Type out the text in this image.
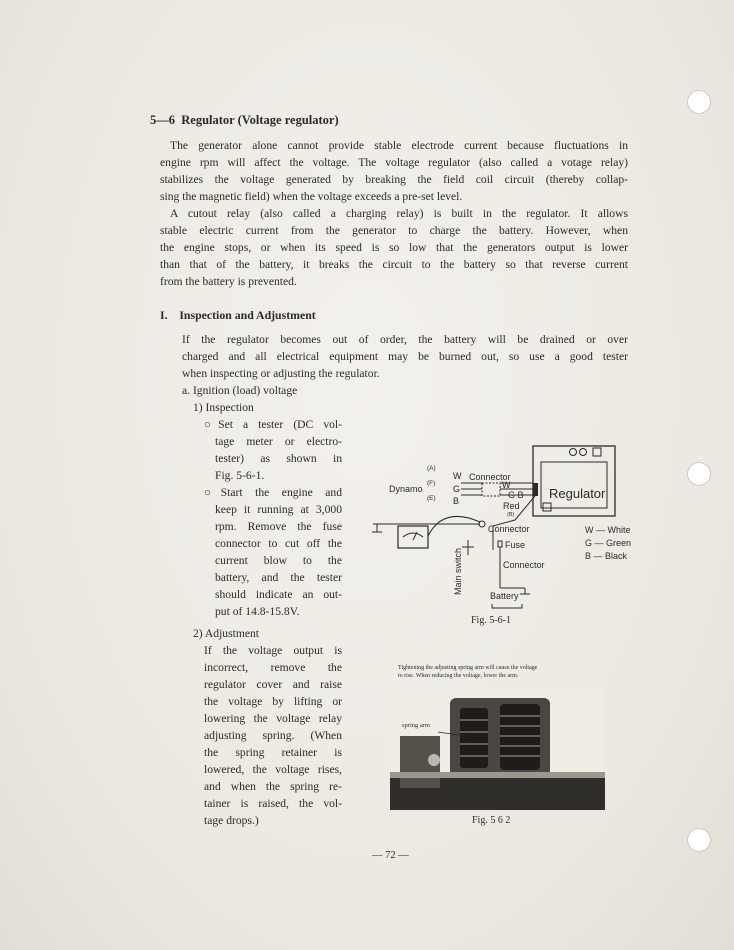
5—6 Regulator (Voltage regulator)
The generator alone cannot provide stable electrode current because fluctuations in
engine rpm will affect the voltage. The voltage regulator (also called a votage relay)
stabilizes the voltage generated by breaking the field coil circuit (thereby collap-
sing the magnetic field) when the voltage exceeds a pre-set level.
A cutout relay (also called a charging relay) is built in the regulator. It allows
stable electric current from the generator to charge the battery. However, when
the engine stops, or when its speed is so low that the generators output is lower
than that of the battery, it breaks the circuit to the battery so that reverse current
from the battery is prevented.
I. Inspection and Adjustment
If the regulator becomes out of order, the battery will be drained or over
charged and all electrical equipment may be burned out, so use a good tester
when inspecting or adjusting the regulator.
a. Ignition (load) voltage
1) Inspection
○Set a tester (DC vol-
tage meter or electro-
tester) as shown in
Fig. 5-6-1.
○Start the engine and
keep it running at 3,000
rpm. Remove the fuse
connector to cut off the
current blow to the
battery, and the tester
should indicate an out-
put of 14.8-15.8V.
2) Adjustment
If the voltage output is
incorrect, remove the
regulator cover and raise
the voltage by lifting or
lowering the voltage relay
adjusting spring. (When
the spring retainer is
lowered, the voltage rises,
and when the spring re-
tainer is raised, the vol-
tage drops.)
Regulator
(A)
(F)
(E)
Dynamo
W
G
B
Connector
W
G B
Red
(B)
Connector
Fuse
Connector
Main switch
Battery
W — White
G — Green
B — Black
Fig. 5-6-1
Tightening the adjusting spring arm will cause the voltage
to rise. When reducing the voltage, lower the arm.
spring arm
Fig. 5 6 2
— 72 —
